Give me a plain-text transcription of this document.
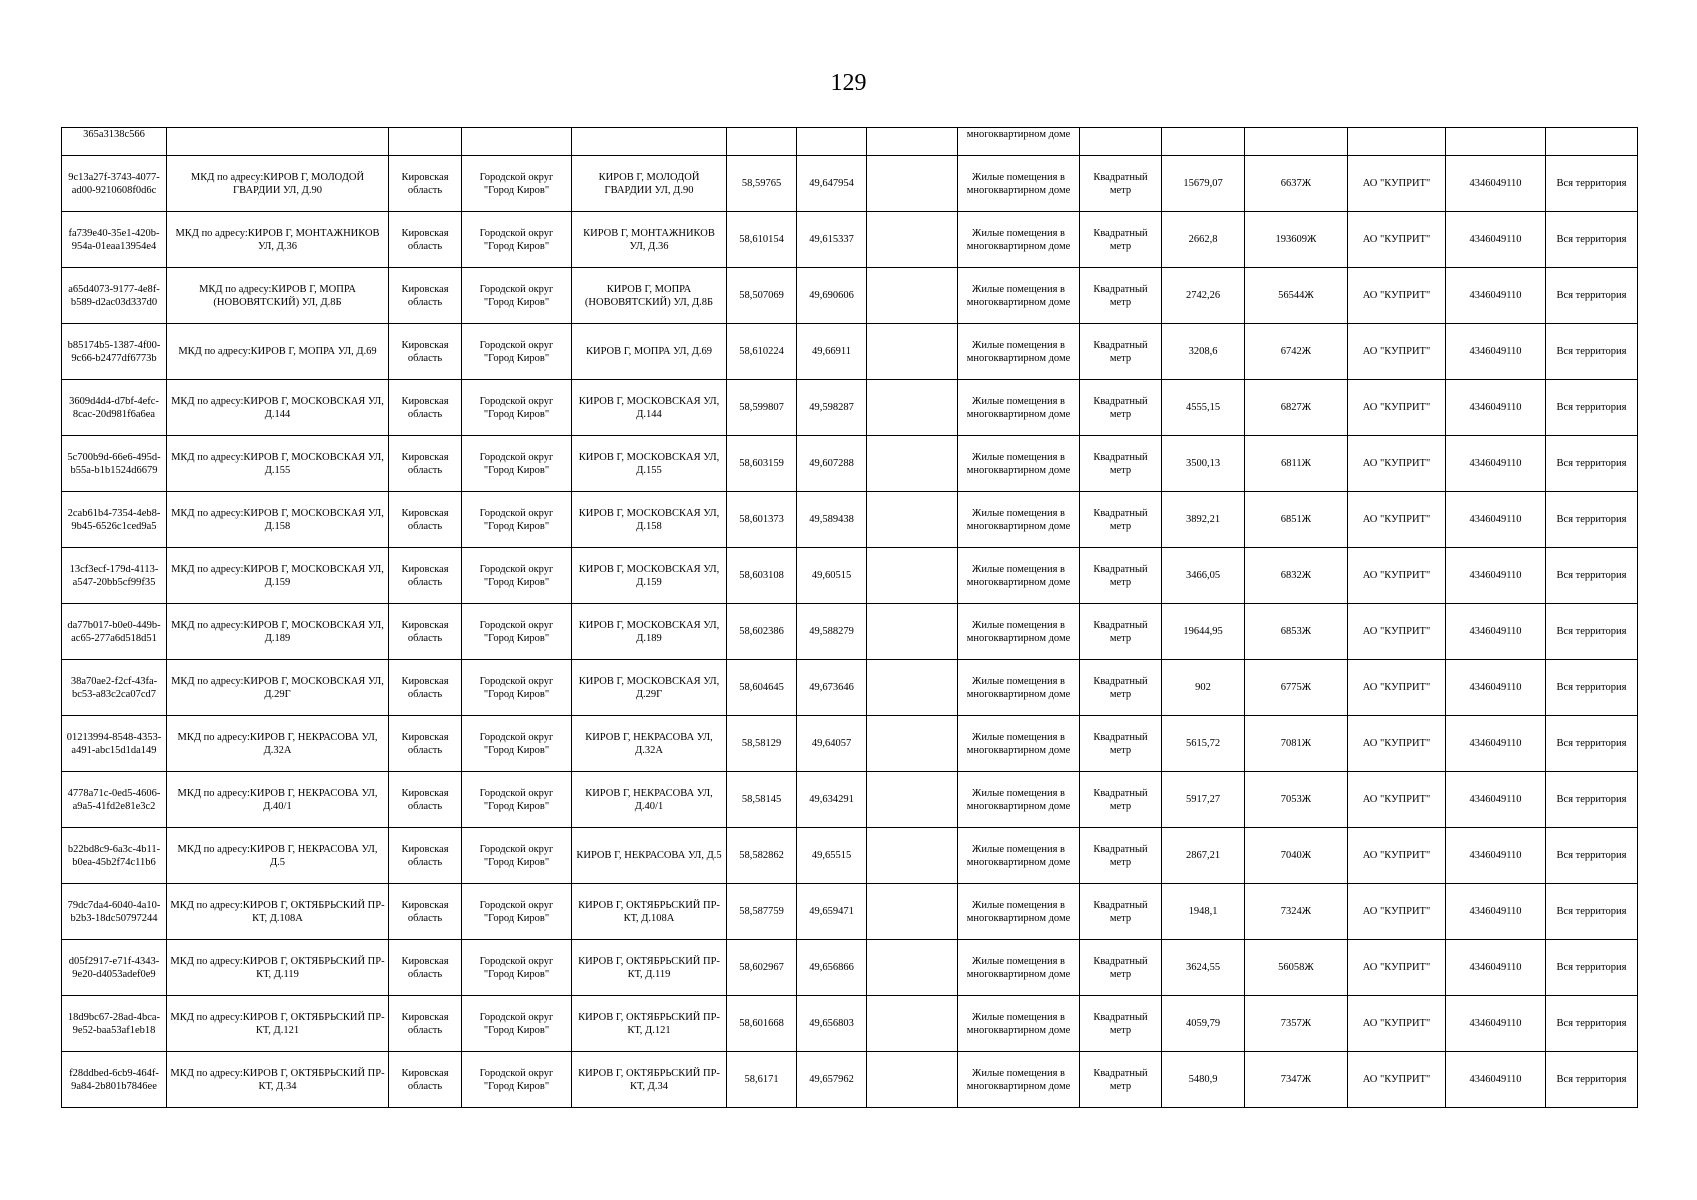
129
365a3138c566								многоквартирном доме						
9c13a27f-3743-4077-ad00-9210608f0d6c	МКД по адресу:КИРОВ Г, МОЛОДОЙ ГВАРДИИ УЛ, Д.90	Кировская область	Городской округ "Город Киров"	КИРОВ Г, МОЛОДОЙ ГВАРДИИ УЛ, Д.90	58,59765	49,647954		Жилые помещения в многоквартирном доме	Квадратный метр	15679,07	6637Ж	АО "КУПРИТ"	4346049110	Вся территория
fa739e40-35e1-420b-954a-01eaa13954e4	МКД по адресу:КИРОВ Г, МОНТАЖНИКОВ УЛ, Д.36	Кировская область	Городской округ "Город Киров"	КИРОВ Г, МОНТАЖНИКОВ УЛ, Д.36	58,610154	49,615337		Жилые помещения в многоквартирном доме	Квадратный метр	2662,8	193609Ж	АО "КУПРИТ"	4346049110	Вся территория
a65d4073-9177-4e8f-b589-d2ac03d337d0	МКД по адресу:КИРОВ Г, МОПРА (НОВОВЯТСКИЙ) УЛ, Д.8Б	Кировская область	Городской округ "Город Киров"	КИРОВ Г, МОПРА (НОВОВЯТСКИЙ) УЛ, Д.8Б	58,507069	49,690606		Жилые помещения в многоквартирном доме	Квадратный метр	2742,26	56544Ж	АО "КУПРИТ"	4346049110	Вся территория
b85174b5-1387-4f00-9c66-b2477df6773b	МКД по адресу:КИРОВ Г, МОПРА УЛ, Д.69	Кировская область	Городской округ "Город Киров"	КИРОВ Г, МОПРА УЛ, Д.69	58,610224	49,66911		Жилые помещения в многоквартирном доме	Квадратный метр	3208,6	6742Ж	АО "КУПРИТ"	4346049110	Вся территория
3609d4d4-d7bf-4efc-8cac-20d981f6a6ea	МКД по адресу:КИРОВ Г, МОСКОВСКАЯ УЛ, Д.144	Кировская область	Городской округ "Город Киров"	КИРОВ Г, МОСКОВСКАЯ УЛ, Д.144	58,599807	49,598287		Жилые помещения в многоквартирном доме	Квадратный метр	4555,15	6827Ж	АО "КУПРИТ"	4346049110	Вся территория
5c700b9d-66e6-495d-b55a-b1b1524d6679	МКД по адресу:КИРОВ Г, МОСКОВСКАЯ УЛ, Д.155	Кировская область	Городской округ "Город Киров"	КИРОВ Г, МОСКОВСКАЯ УЛ, Д.155	58,603159	49,607288		Жилые помещения в многоквартирном доме	Квадратный метр	3500,13	6811Ж	АО "КУПРИТ"	4346049110	Вся территория
2cab61b4-7354-4eb8-9b45-6526c1ced9a5	МКД по адресу:КИРОВ Г, МОСКОВСКАЯ УЛ, Д.158	Кировская область	Городской округ "Город Киров"	КИРОВ Г, МОСКОВСКАЯ УЛ, Д.158	58,601373	49,589438		Жилые помещения в многоквартирном доме	Квадратный метр	3892,21	6851Ж	АО "КУПРИТ"	4346049110	Вся территория
13cf3ecf-179d-4113-a547-20bb5cf99f35	МКД по адресу:КИРОВ Г, МОСКОВСКАЯ УЛ, Д.159	Кировская область	Городской округ "Город Киров"	КИРОВ Г, МОСКОВСКАЯ УЛ, Д.159	58,603108	49,60515		Жилые помещения в многоквартирном доме	Квадратный метр	3466,05	6832Ж	АО "КУПРИТ"	4346049110	Вся территория
da77b017-b0e0-449b-ac65-277a6d518d51	МКД по адресу:КИРОВ Г, МОСКОВСКАЯ УЛ, Д.189	Кировская область	Городской округ "Город Киров"	КИРОВ Г, МОСКОВСКАЯ УЛ, Д.189	58,602386	49,588279		Жилые помещения в многоквартирном доме	Квадратный метр	19644,95	6853Ж	АО "КУПРИТ"	4346049110	Вся территория
38a70ae2-f2cf-43fa-bc53-a83c2ca07cd7	МКД по адресу:КИРОВ Г, МОСКОВСКАЯ УЛ, Д.29Г	Кировская область	Городской округ "Город Киров"	КИРОВ Г, МОСКОВСКАЯ УЛ, Д.29Г	58,604645	49,673646		Жилые помещения в многоквартирном доме	Квадратный метр	902	6775Ж	АО "КУПРИТ"	4346049110	Вся территория
01213994-8548-4353-a491-abc15d1da149	МКД по адресу:КИРОВ Г, НЕКРАСОВА УЛ, Д.32А	Кировская область	Городской округ "Город Киров"	КИРОВ Г, НЕКРАСОВА УЛ, Д.32А	58,58129	49,64057		Жилые помещения в многоквартирном доме	Квадратный метр	5615,72	7081Ж	АО "КУПРИТ"	4346049110	Вся территория
4778a71c-0ed5-4606-a9a5-41fd2e81e3c2	МКД по адресу:КИРОВ Г, НЕКРАСОВА УЛ, Д.40/1	Кировская область	Городской округ "Город Киров"	КИРОВ Г, НЕКРАСОВА УЛ, Д.40/1	58,58145	49,634291		Жилые помещения в многоквартирном доме	Квадратный метр	5917,27	7053Ж	АО "КУПРИТ"	4346049110	Вся территория
b22bd8c9-6a3c-4b11-b0ea-45b2f74c11b6	МКД по адресу:КИРОВ Г, НЕКРАСОВА УЛ, Д.5	Кировская область	Городской округ "Город Киров"	КИРОВ Г, НЕКРАСОВА УЛ, Д.5	58,582862	49,65515		Жилые помещения в многоквартирном доме	Квадратный метр	2867,21	7040Ж	АО "КУПРИТ"	4346049110	Вся территория
79dc7da4-6040-4a10-b2b3-18dc50797244	МКД по адресу:КИРОВ Г, ОКТЯБРЬСКИЙ ПР-КТ, Д.108А	Кировская область	Городской округ "Город Киров"	КИРОВ Г, ОКТЯБРЬСКИЙ ПР-КТ, Д.108А	58,587759	49,659471		Жилые помещения в многоквартирном доме	Квадратный метр	1948,1	7324Ж	АО "КУПРИТ"	4346049110	Вся территория
d05f2917-e71f-4343-9e20-d4053adef0e9	МКД по адресу:КИРОВ Г, ОКТЯБРЬСКИЙ ПР-КТ, Д.119	Кировская область	Городской округ "Город Киров"	КИРОВ Г, ОКТЯБРЬСКИЙ ПР-КТ, Д.119	58,602967	49,656866		Жилые помещения в многоквартирном доме	Квадратный метр	3624,55	56058Ж	АО "КУПРИТ"	4346049110	Вся территория
18d9bc67-28ad-4bca-9e52-baa53af1eb18	МКД по адресу:КИРОВ Г, ОКТЯБРЬСКИЙ ПР-КТ, Д.121	Кировская область	Городской округ "Город Киров"	КИРОВ Г, ОКТЯБРЬСКИЙ ПР-КТ, Д.121	58,601668	49,656803		Жилые помещения в многоквартирном доме	Квадратный метр	4059,79	7357Ж	АО "КУПРИТ"	4346049110	Вся территория
f28ddbed-6cb9-464f-9a84-2b801b7846ee	МКД по адресу:КИРОВ Г, ОКТЯБРЬСКИЙ ПР-КТ, Д.34	Кировская область	Городской округ "Город Киров"	КИРОВ Г, ОКТЯБРЬСКИЙ ПР-КТ, Д.34	58,6171	49,657962		Жилые помещения в многоквартирном доме	Квадратный метр	5480,9	7347Ж	АО "КУПРИТ"	4346049110	Вся территория
